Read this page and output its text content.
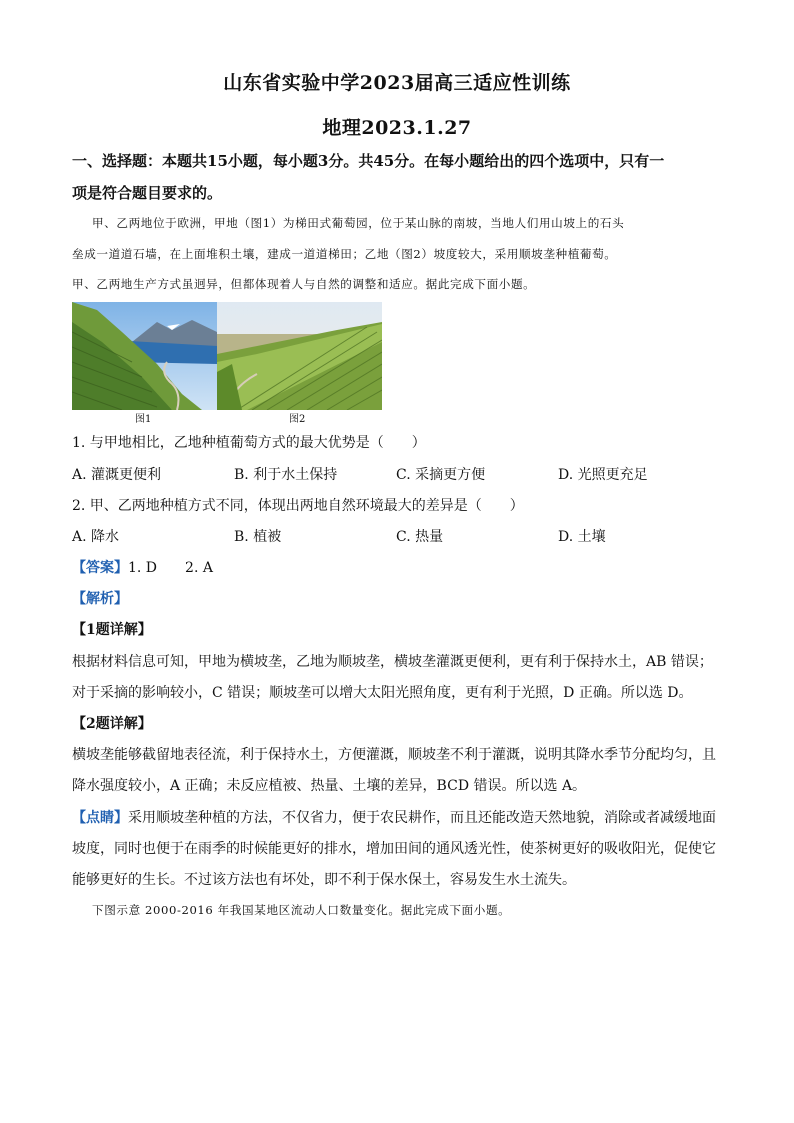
山东省实验中学2023届高三适应性训练
地理2023.1.27
一、选择题：本题共15小题，每小题3分。共45分。在每小题给出的四个选项中，只有一
项是符合题目要求的。
甲、乙两地位于欧洲，甲地（图1）为梯田式葡萄园，位于某山脉的南坡，当地人们用山坡上的石头
垒成一道道石墙，在上面堆积土壤，建成一道道梯田；乙地（图2）坡度较大，采用顺坡垄种植葡萄。
甲、乙两地生产方式虽迥异，但都体现着人与自然的调整和适应。据此完成下面小题。
图1	图2
1. 与甲地相比，乙地种植葡萄方式的最大优势是（　　）
A. 灌溉更便利	B. 利于水土保持	C. 采摘更方便	D. 光照更充足
2. 甲、乙两地种植方式不同，体现出两地自然环境最大的差异是（　　）
A. 降水	B. 植被	C. 热量	D. 土壤
【答案】1. D　　2. A
【解析】
【1题详解】
根据材料信息可知，甲地为横坡垄，乙地为顺坡垄，横坡垄灌溉更便利，更有利于保持水土，AB 错误；
对于采摘的影响较小，C 错误；顺坡垄可以增大太阳光照角度，更有利于光照，D 正确。所以选 D。
【2题详解】
横坡垄能够截留地表径流，利于保持水土，方便灌溉，顺坡垄不利于灌溉，说明其降水季节分配均匀，且
降水强度较小，A 正确；未反应植被、热量、土壤的差异，BCD 错误。所以选 A。
【点睛】采用顺坡垄种植的方法，不仅省力，便于农民耕作，而且还能改造天然地貌，消除或者减缓地面
坡度，同时也便于在雨季的时候能更好的排水，增加田间的通风透光性，使茶树更好的吸收阳光，促使它
能够更好的生长。不过该方法也有坏处，即不利于保水保土，容易发生水土流失。
下图示意 2000-2016 年我国某地区流动人口数量变化。据此完成下面小题。
